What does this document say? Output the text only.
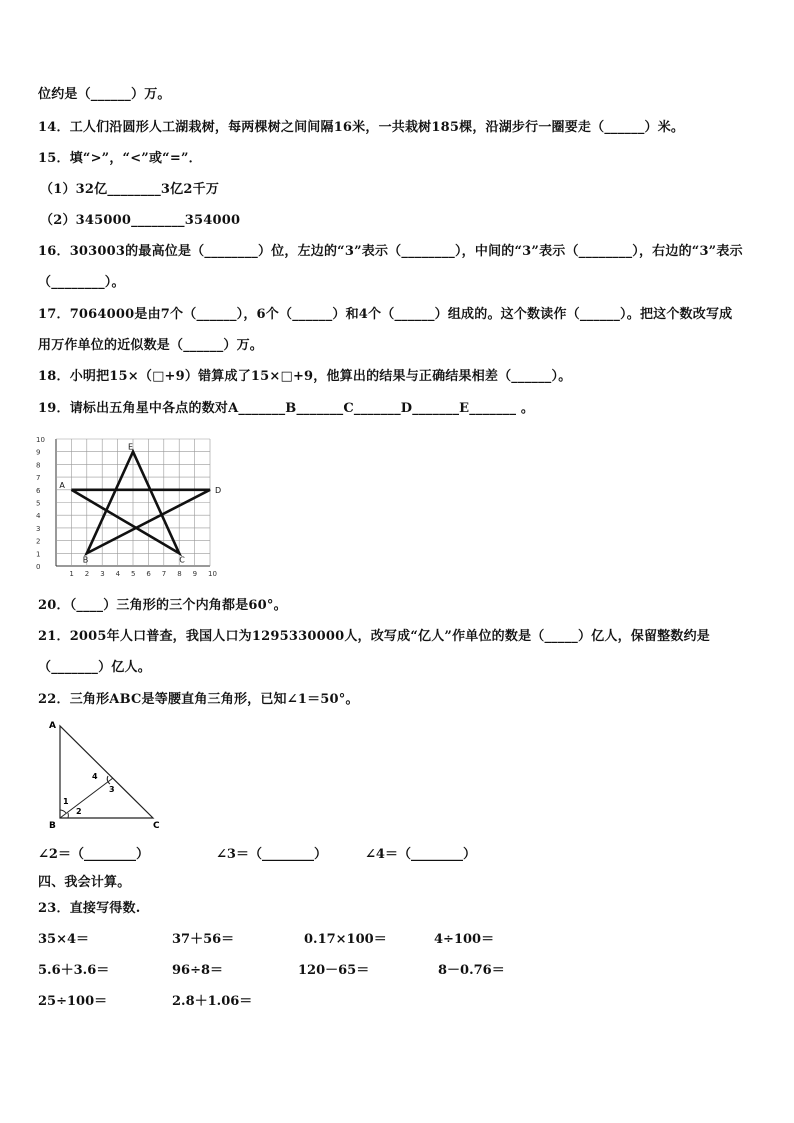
位约是（______）万。
14．工人们沿圆形人工湖栽树，每两棵树之间间隔16米，一共栽树185棵，沿湖步行一圈要走（______）米。
15．填“>”，“<”或“=”．
（1）32亿________3亿2千万
（2）345000________354000
16．303003的最高位是（________）位，左边的“3”表示（________），中间的“3”表示（________），右边的“3”表示
（________）。
17．7064000是由7个（______），6个（______）和4个（______）组成的。这个数读作（______）。把这个数改写成
用万作单位的近似数是（______）万。
18．小明把15×（□+9）错算成了15×□+9，他算出的结果与正确结果相差（______）。
19．请标出五角星中各点的数对A_______B_______C_______D_______E_______ 。
10
9
8
7
6
5
4
3
2
1
0
1 2 3 4 5 6 7 8 9 10
A
B	C
D
E
20．（____）三角形的三个内角都是60°。
21．2005年人口普查，我国人口为1295330000人，改写成“亿人”作单位的数是（_____）亿人，保留整数约是
（_______）亿人。
22．三角形ABC是等腰直角三角形，已知∠1＝50°。
A
B	C
1
2
3
4
∠2＝（________）	∠3＝（________）	∠4＝（________）
四、我会计算。
23．直接写得数.
35×4＝	37＋56＝	0.17×100＝	4÷100＝
5.6＋3.6＝	96÷8＝	120－65＝	8－0.76＝
25÷100＝	2.8＋1.06＝
